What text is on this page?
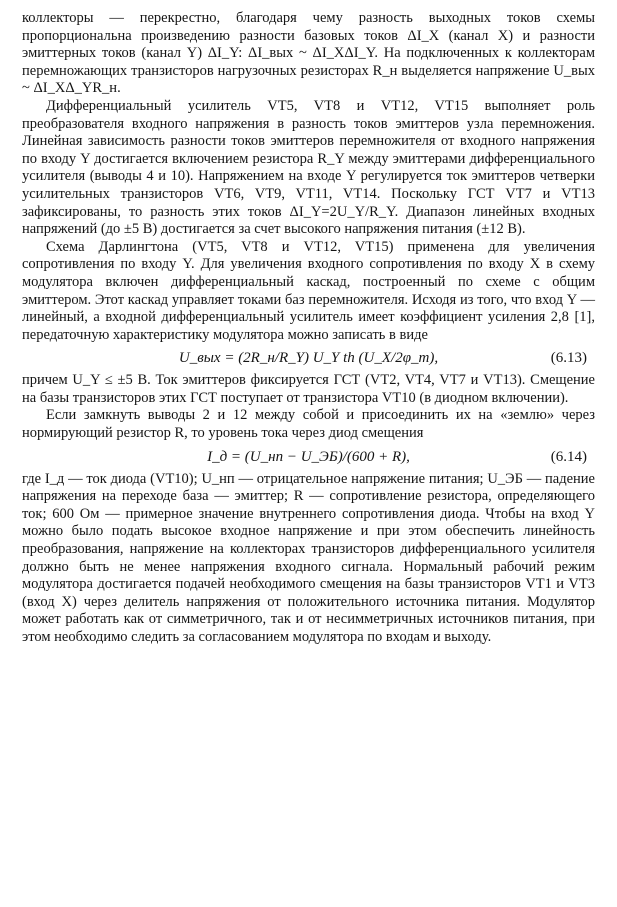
коллекторы — перекрестно, благодаря чему разность выходных токов схемы пропорциональна произведению разности базовых токов ΔI_X (канал X) и разности эмиттерных токов (канал Y) ΔI_Y: ΔI_вых ~ ΔI_XΔI_Y. На подключенных к коллекторам перемножающих транзисторов нагрузочных резисторах R_н выделяется напряжение U_вых ~ ΔI_XΔ_YR_н.

Дифференциальный усилитель VT5, VT8 и VT12, VT15 выполняет роль преобразователя входного напряжения в разность токов эмиттеров узла перемножения. Линейная зависимость разности токов эмиттеров перемножителя от входного напряжения по входу Y достигается включением резистора R_Y между эмиттерами дифференциального усилителя (выводы 4 и 10). Напряжением на входе Y регулируется ток эмиттеров четверки усилительных транзисторов VT6, VT9, VT11, VT14. Поскольку ГСТ VT7 и VT13 зафиксированы, то разность этих токов ΔI_Y=2U_Y/R_Y. Диапазон линейных входных напряжений (до ±5 В) достигается за счет высокого напряжения питания (±12 В).

Схема Дарлингтона (VT5, VT8 и VT12, VT15) применена для увеличения сопротивления по входу Y. Для увеличения входного сопротивления по входу X в схему модулятора включен дифференциальный каскад, построенный по схеме с общим эмиттером. Этот каскад управляет токами баз перемножителя. Исходя из того, что вход Y — линейный, а входной дифференциальный усилитель имеет коэффициент усиления 2,8 [1], передаточную характеристику модулятора можно записать в виде

U_вых = (2R_н/R_Y) U_Y th (U_X/2φ_т),	(6.13)

причем U_Y ≤ ±5 В. Ток эмиттеров фиксируется ГСТ (VT2, VT4, VT7 и VT13). Смещение на базы транзисторов этих ГСТ поступает от транзистора VT10 (в диодном включении).

Если замкнуть выводы 2 и 12 между собой и присоединить их на «землю» через нормирующий резистор R, то уровень тока через диод смещения

I_д = (U_нп − U_ЭБ)/(600 + R),	(6.14)

где I_д — ток диода (VT10); U_нп — отрицательное напряжение питания; U_ЭБ — падение напряжения на переходе база — эмиттер; R — сопротивление резистора, определяющего ток; 600 Ом — примерное значение внутреннего сопротивления диода. Чтобы на вход Y можно было подать высокое входное напряжение и при этом обеспечить линейность преобразования, напряжение на коллекторах транзисторов дифференциального усилителя должно быть не менее напряжения входного сигнала. Нормальный рабочий режим модулятора достигается подачей необходимого смещения на базы транзисторов VT1 и VT3 (вход X) через делитель напряжения от положительного источника питания. Модулятор может работать как от симметричного, так и от несимметричных источников питания, при этом необходимо следить за согласованием модулятора по входам и выходу.
